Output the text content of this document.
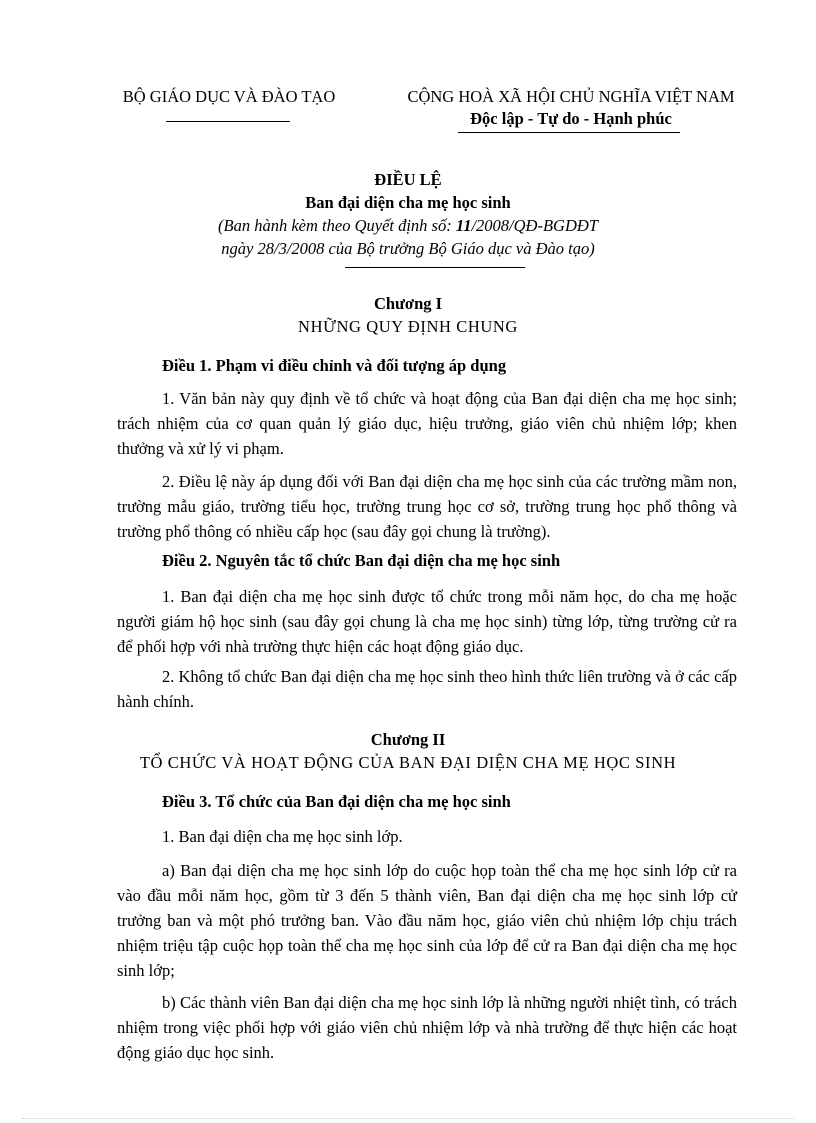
BỘ GIÁO DỤC VÀ ĐÀO TẠO	CỘNG HOÀ XÃ HỘI CHỦ NGHĨA VIỆT NAM
Độc lập - Tự do - Hạnh phúc
ĐIỀU LỆ
Ban đại diện cha mẹ học sinh
(Ban hành kèm theo Quyết định số: 11/2008/QĐ-BGDĐT
ngày 28/3/2008 của Bộ trưởng Bộ Giáo dục và Đào tạo)
Chương I
NHỮNG QUY ĐỊNH CHUNG
Điều 1. Phạm vi điều chỉnh và đối tượng áp dụng

1. Văn bản này quy định về tổ chức và hoạt động của Ban đại diện cha mẹ học sinh; trách nhiệm của cơ quan quản lý giáo dục, hiệu trưởng, giáo viên chủ nhiệm lớp; khen thưởng và xử lý vi phạm.

2. Điều lệ này áp dụng đối với Ban đại diện cha mẹ học sinh của các trường mầm non, trường mẫu giáo, trường tiểu học, trường trung học cơ sở, trường trung học phổ thông và trường phổ thông có nhiều cấp học (sau đây gọi chung là trường).

Điều 2. Nguyên tắc tổ chức Ban đại diện cha mẹ học sinh

1. Ban đại diện cha mẹ học sinh được tổ chức trong mỗi năm học, do cha mẹ hoặc người giám hộ học sinh (sau đây gọi chung là cha mẹ học sinh) từng lớp, từng trường cử ra để phối hợp với nhà trường thực hiện các hoạt động giáo dục.

2. Không tổ chức Ban đại diện cha mẹ học sinh theo hình thức liên trường và ở các cấp hành chính.

Chương II
TỔ CHỨC VÀ HOẠT ĐỘNG CỦA BAN ĐẠI DIỆN CHA MẸ HỌC SINH
Điều 3. Tổ chức của Ban đại diện cha mẹ học sinh

1. Ban đại diện cha mẹ học sinh lớp.

a) Ban đại diện cha mẹ học sinh lớp do cuộc họp toàn thể cha mẹ học sinh lớp cử ra vào đầu mỗi năm học, gồm từ 3 đến 5 thành viên, Ban đại diện cha mẹ học sinh lớp cử trưởng ban và một phó trưởng ban. Vào đầu năm học, giáo viên chủ nhiệm lớp chịu trách nhiệm triệu tập cuộc họp toàn thể cha mẹ học sinh của lớp để cử ra Ban đại diện cha mẹ học sinh lớp;

b) Các thành viên Ban đại diện cha mẹ học sinh lớp là những người nhiệt tình, có trách nhiệm trong việc phối hợp với giáo viên chủ nhiệm lớp và nhà trường để thực hiện các hoạt động giáo dục học sinh.
